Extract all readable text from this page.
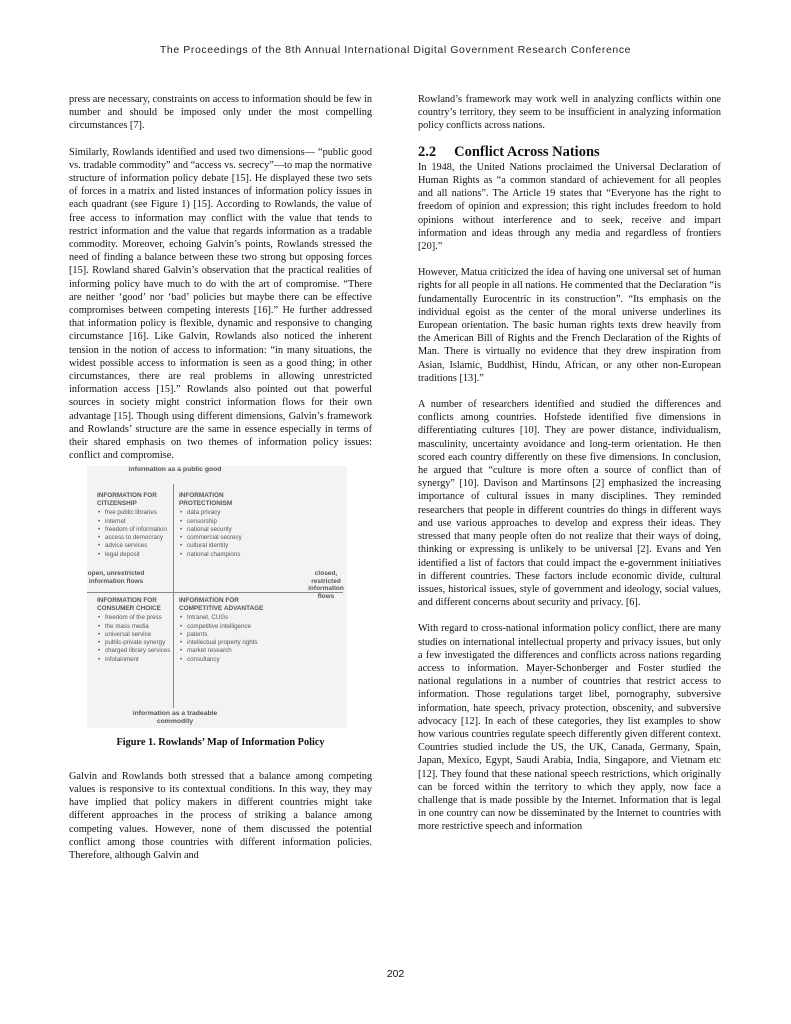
The Proceedings of the 8th Annual International Digital Government Research Conference

press are necessary, constraints on access to information should be few in number and should be imposed only under the most compelling circumstances [7].

Similarly, Rowlands identified and used two dimensions— “public good vs. tradable commodity” and “access vs. secrecy”—to map the normative structure of information policy debate [15]. He displayed these two sets of forces in a matrix and listed instances of information policy issues in each quadrant (see Figure 1) [15]. According to Rowlands, the value of free access to information may conflict with the value that tends to restrict information and the value that regards information as a tradable commodity. Moreover, echoing Galvin’s points, Rowlands stressed the need of finding a balance between these two strong but opposing forces [15]. Rowland shared Galvin’s observation that the practical realities of informing policy have much to do with the art of compromise. “There are neither ‘good’ nor ‘bad’ policies but maybe there can be effective compromises between competing interests [16].” He further addressed that information policy is flexible, dynamic and responsive to changing circumstance [16]. Like Galvin, Rowlands also noticed the inherent tension in the notion of access to information: “in many situations, the widest possible access to information is seen as a good thing; in other circumstances, there are real problems in allowing unrestricted information access [15].” Rowlands also pointed out that powerful sources in society might constrict information flows for their own advantage [15]. Though using different dimensions, Galvin’s framework and Rowlands’ structure are the same in essence especially in terms of their shared emphasis on two themes of information policy issues: conflict and compromise.

information as a public good
information as a tradeable commodity
open, unrestricted information flows
closed, restricted information flows
INFORMATION FOR CITIZENSHIP
• free public libraries
• internet
• freedom of information
• access to democracy
• advice services
• legal deposit
INFORMATION PROTECTIONISM
• data privacy
• censorship
• national security
• commercial secrecy
• cultural identity
• national champions
INFORMATION FOR CONSUMER CHOICE
• freedom of the press
• the mass media
• universal service
• public-private synergy
• charged library services
• infotainment
INFORMATION FOR COMPETITIVE ADVANTAGE
• Intranet, CUGs
• competitive intelligence
• patents
• intellectual property rights
• market research
• consultancy
Figure 1. Rowlands’ Map of Information Policy

Galvin and Rowlands both stressed that a balance among competing values is responsive to its contextual conditions. In this way, they may have implied that policy makers in different countries might take different approaches in the process of striking a balance among competing values. However, none of them discussed the potential conflict among those countries with different information policies. Therefore, although Galvin and

Rowland’s framework may work well in analyzing conflicts within one country’s territory, they seem to be insufficient in analyzing information policy conflicts across nations.

2.2 Conflict Across Nations

In 1948, the United Nations proclaimed the Universal Declaration of Human Rights as “a common standard of achievement for all peoples and all nations”. The Article 19 states that “Everyone has the right to freedom of opinion and expression; this right includes freedom to hold opinions without interference and to seek, receive and impart information and ideas through any media and regardless of frontiers [20].”

However, Matua criticized the idea of having one universal set of human rights for all people in all nations. He commented that the Declaration “is fundamentally Eurocentric in its construction”. “Its emphasis on the individual egoist as the center of the moral universe underlines its European orientation. The basic human rights texts drew heavily from the American Bill of Rights and the French Declaration of the Rights of Man. There is virtually no evidence that they drew inspiration from Asian, Islamic, Buddhist, Hindu, African, or any other non-European traditions [13].”

A number of researchers identified and studied the differences and conflicts among countries. Hofstede identified five dimensions in differentiating cultures [10]. They are power distance, individualism, masculinity, uncertainty avoidance and long-term orientation. He then scored each country differently on these five dimensions. In conclusion, he argued that “culture is more often a source of conflict than of synergy” [10]. Davison and Martinsons [2] emphasized the increasing importance of cultural issues in many disciplines. They reminded researchers that people in different countries do things in different ways and use various approaches to develop and express their ideas. They stressed that many people often do not realize that their ways of doing, thinking or expressing is unlikely to be universal [2]. Evans and Yen identified a list of factors that could impact the e-government initiatives in different countries. These factors include economic divide, cultural issues, historical issues, style of government and ideology, social values, and different concerns about security and privacy. [6].

With regard to cross-national information policy conflict, there are many studies on international intellectual property and privacy issues, but only a few investigated the differences and conflicts across nations regarding access to information. Mayer-Schonberger and Foster studied the national regulations in a number of countries that restrict access to information. Those regulations target libel, pornography, subversive information, hate speech, privacy protection, obscenity, and subversive advocacy [12]. In each of these categories, they list examples to show how various countries regulate speech differently given different context. Countries studied include the US, the UK, Canada, Germany, Spain, Japan, Mexico, Egypt, Saudi Arabia, India, Singapore, and Vietnam etc [12]. They found that these national speech restrictions, which originally can be forced within the territory to which they apply, now face a challenge that is made possible by the Internet. Information that is legal in one country can now be disseminated by the Internet to countries with more restrictive speech and information

202
